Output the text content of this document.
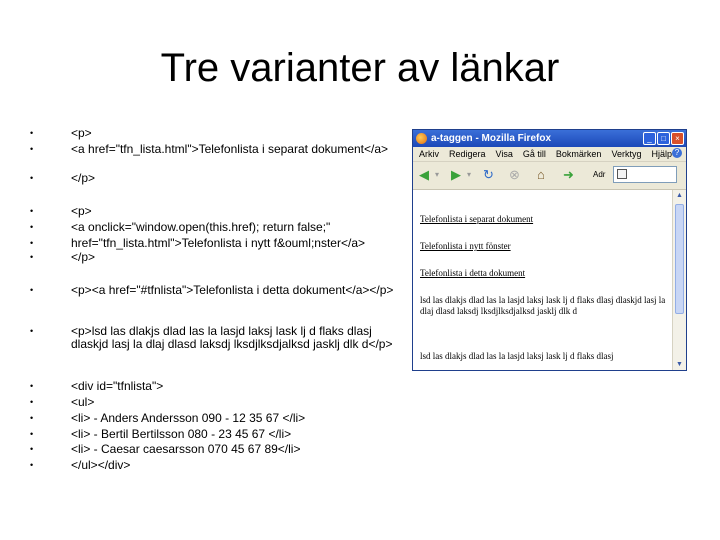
Tre varianter av länkar
•	<p>
•	<a href="tfn_lista.html">Telefonlista i separat dokument</a>
•	</p>
•	<p>
•	<a onclick="window.open(this.href); return false;"
•	href="tfn_lista.html">Telefonlista i nytt f&ouml;nster</a>
•	</p>
•	<p><a href="#tfnlista">Telefonlista i detta dokument</a></p>
•	<p>lsd las dlakjs dlad las la lasjd laksj lask lj d flaks dlasj dlaskjd lasj la dlaj dlasd laksdj lksdjlksdjalksd jasklj dlk d</p>
•	<div id="tfnlista">
•	<ul>
•	<li> - Anders Andersson 090 - 12 35 67 </li>
•	<li> - Bertil Bertilsson 080 - 23 45 67 </li>
•	<li> - Caesar caesarsson 070 45 67 89</li>
•	</ul></div>
a-taggen - Mozilla Firefox	_ □ ×
Arkiv Redigera Visa Gå till Bokmärken Verktyg Hjälp ?
◀ ▾ ▶ ▾ ↻ ⊗ ⌂ ➜ Adr
Telefonlista i separat dokument
Telefonlista i nytt fönster
Telefonlista i detta dokument
lsd las dlakjs dlad las la lasjd laksj lask lj d flaks dlasj dlaskjd lasj la dlaj dlasd laksdj lksdjlksdjalksd jasklj dlk d
lsd las dlakjs dlad las la lasjd laksj lask lj d flaks dlasj
▲
▼
